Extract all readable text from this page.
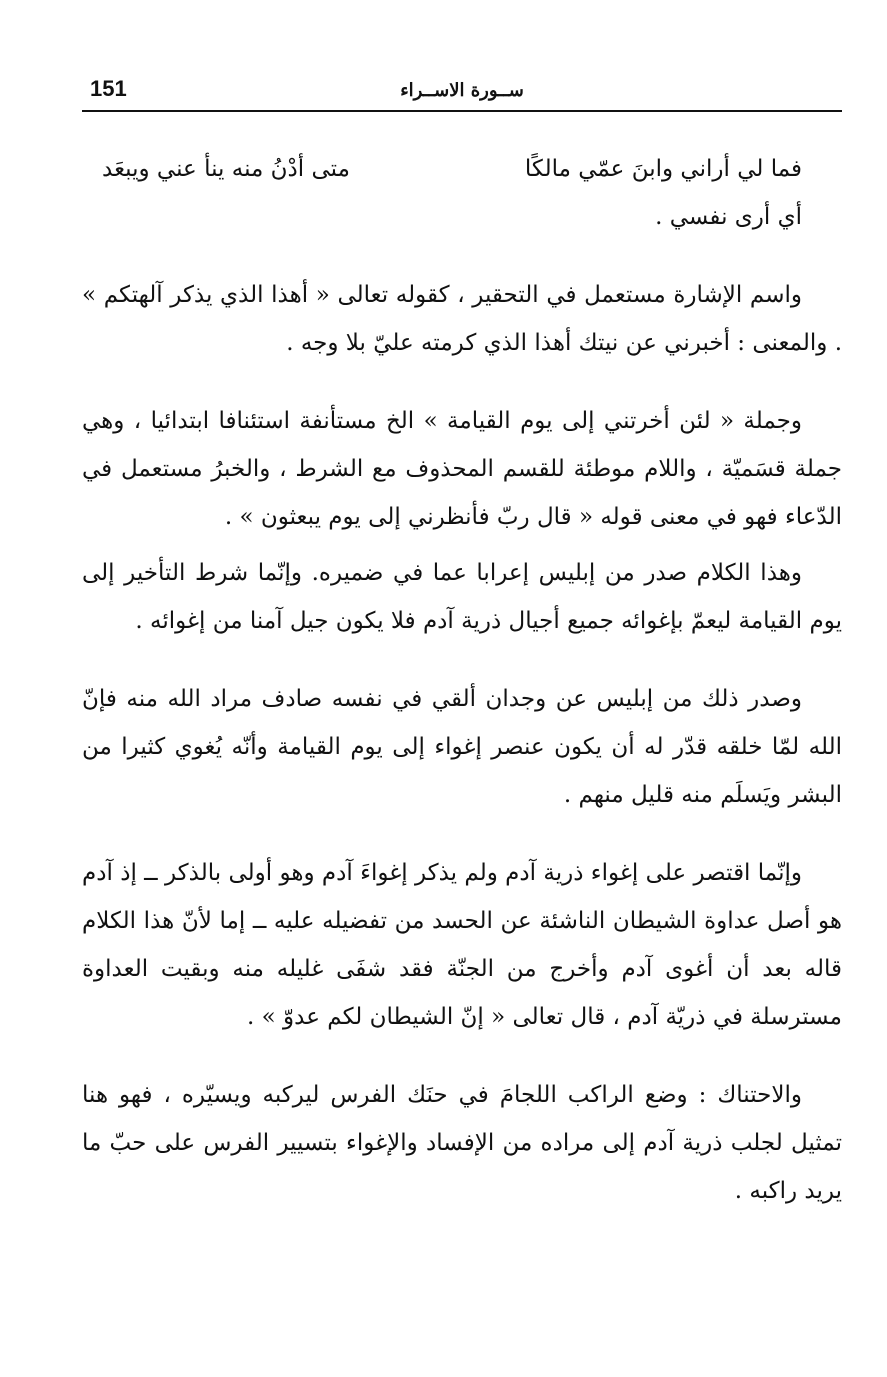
151	ســورة الاســراء
فما لي أراني وابنَ عمّي مالكًا
متى أدْنُ منه ينأ عني ويبعَد

أي أرى نفسي .

واسم الإشارة مستعمل في التحقير ، كقوله تعالى « أهذا الذي يذكر آلهتكم » . والمعنى : أخبرني عن نيتك أهذا الذي كرمته عليّ بلا وجه .

وجملة « لئن أخرتني إلى يوم القيامة » الخ مستأنفة استئنافا ابتدائيا ، وهي جملة قسَميّة ، واللام موطئة للقسم المحذوف مع الشرط ، والخبرُ مستعمل في الدّعاء فهو في معنى قوله « قال ربّ فأنظرني إلى يوم يبعثون » .

وهذا الكلام صدر من إبليس إعرابا عما في ضميره. وإنّما شرط التأخير إلى يوم القيامة ليعمّ بإغوائه جميع أجيال ذرية آدم فلا يكون جيل آمنا من إغوائه .

وصدر ذلك من إبليس عن وجدان ألقي في نفسه صادف مراد الله منه فإنّ الله لمّا خلقه قدّر له أن يكون عنصر إغواء إلى يوم القيامة وأنّه يُغوي كثيرا من البشر ويَسلَم منه قليل منهم .

وإنّما اقتصر على إغواء ذرية آدم ولم يذكر إغواءَ آدم وهو أولى بالذكر ــ إذ آدم هو أصل عداوة الشيطان الناشئة عن الحسد من تفضيله عليه ــ إما لأنّ هذا الكلام قاله بعد أن أغوى آدم وأخرج من الجنّة فقد شفَى غليله منه وبقيت العداوة مسترسلة في ذريّة آدم ، قال تعالى « إنّ الشيطان لكم عدوّ » .

والاحتناك : وضع الراكب اللجامَ في حنَك الفرس ليركبه ويسيّره ، فهو هنا تمثيل لجلب ذرية آدم إلى مراده من الإفساد والإغواء بتسيير الفرس على حبّ ما يريد راكبه .
